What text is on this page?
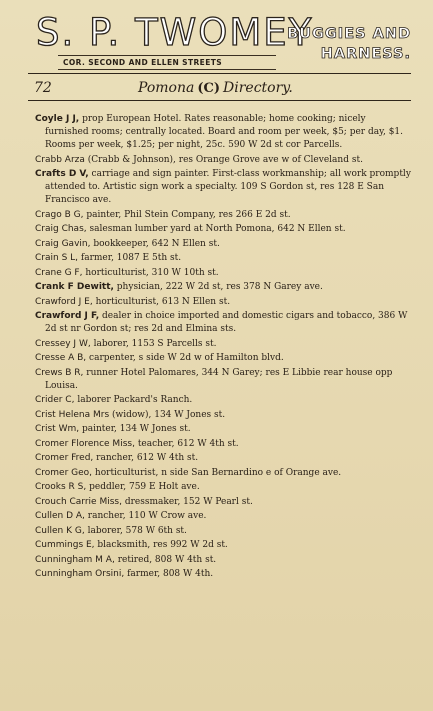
S. P. TWOMEY
COR. SECOND AND ELLEN STREETS
BUGGIES AND
HARNESS.
72	Pomona (C) Directory.
Coyle J J, prop European Hotel. Rates reasonable; home cooking; nicely furnished rooms; centrally located. Board and room per week, $5; per day, $1. Rooms per week, $1.25; per night, 25c. 590 W 2d st cor Parcells.
Crabb Arza (Crabb & Johnson), res Orange Grove ave w of Cleveland st.
Crafts D V, carriage and sign painter. First-class workmanship; all work promptly attended to. Artistic sign work a specialty. 109 S Gordon st, res 128 E San Francisco ave.
Crago B G, painter, Phil Stein Company, res 266 E 2d st.
Craig Chas, salesman lumber yard at North Pomona, 642 N Ellen st.
Craig Gavin, bookkeeper, 642 N Ellen st.
Crain S L, farmer, 1087 E 5th st.
Crane G F, horticulturist, 310 W 10th st.
Crank F Dewitt, physician, 222 W 2d st, res 378 N Garey ave.
Crawford J E, horticulturist, 613 N Ellen st.
Crawford J F, dealer in choice imported and domestic cigars and tobacco, 386 W 2d st nr Gordon st; res 2d and Elmina sts.
Cressey J W, laborer, 1153 S Parcells st.
Cresse A B, carpenter, s side W 2d w of Hamilton blvd.
Crews B R, runner Hotel Palomares, 344 N Garey; res E Libbie rear house opp Louisa.
Crider C, laborer Packard's Ranch.
Crist Helena Mrs (widow), 134 W Jones st.
Crist Wm, painter, 134 W Jones st.
Cromer Florence Miss, teacher, 612 W 4th st.
Cromer Fred, rancher, 612 W 4th st.
Cromer Geo, horticulturist, n side San Bernardino e of Orange ave.
Crooks R S, peddler, 759 E Holt ave.
Crouch Carrie Miss, dressmaker, 152 W Pearl st.
Cullen D A, rancher, 110 W Crow ave.
Cullen K G, laborer, 578 W 6th st.
Cummings E, blacksmith, res 992 W 2d st.
Cunningham M A, retired, 808 W 4th st.
Cunningham Orsini, farmer, 808 W 4th.
